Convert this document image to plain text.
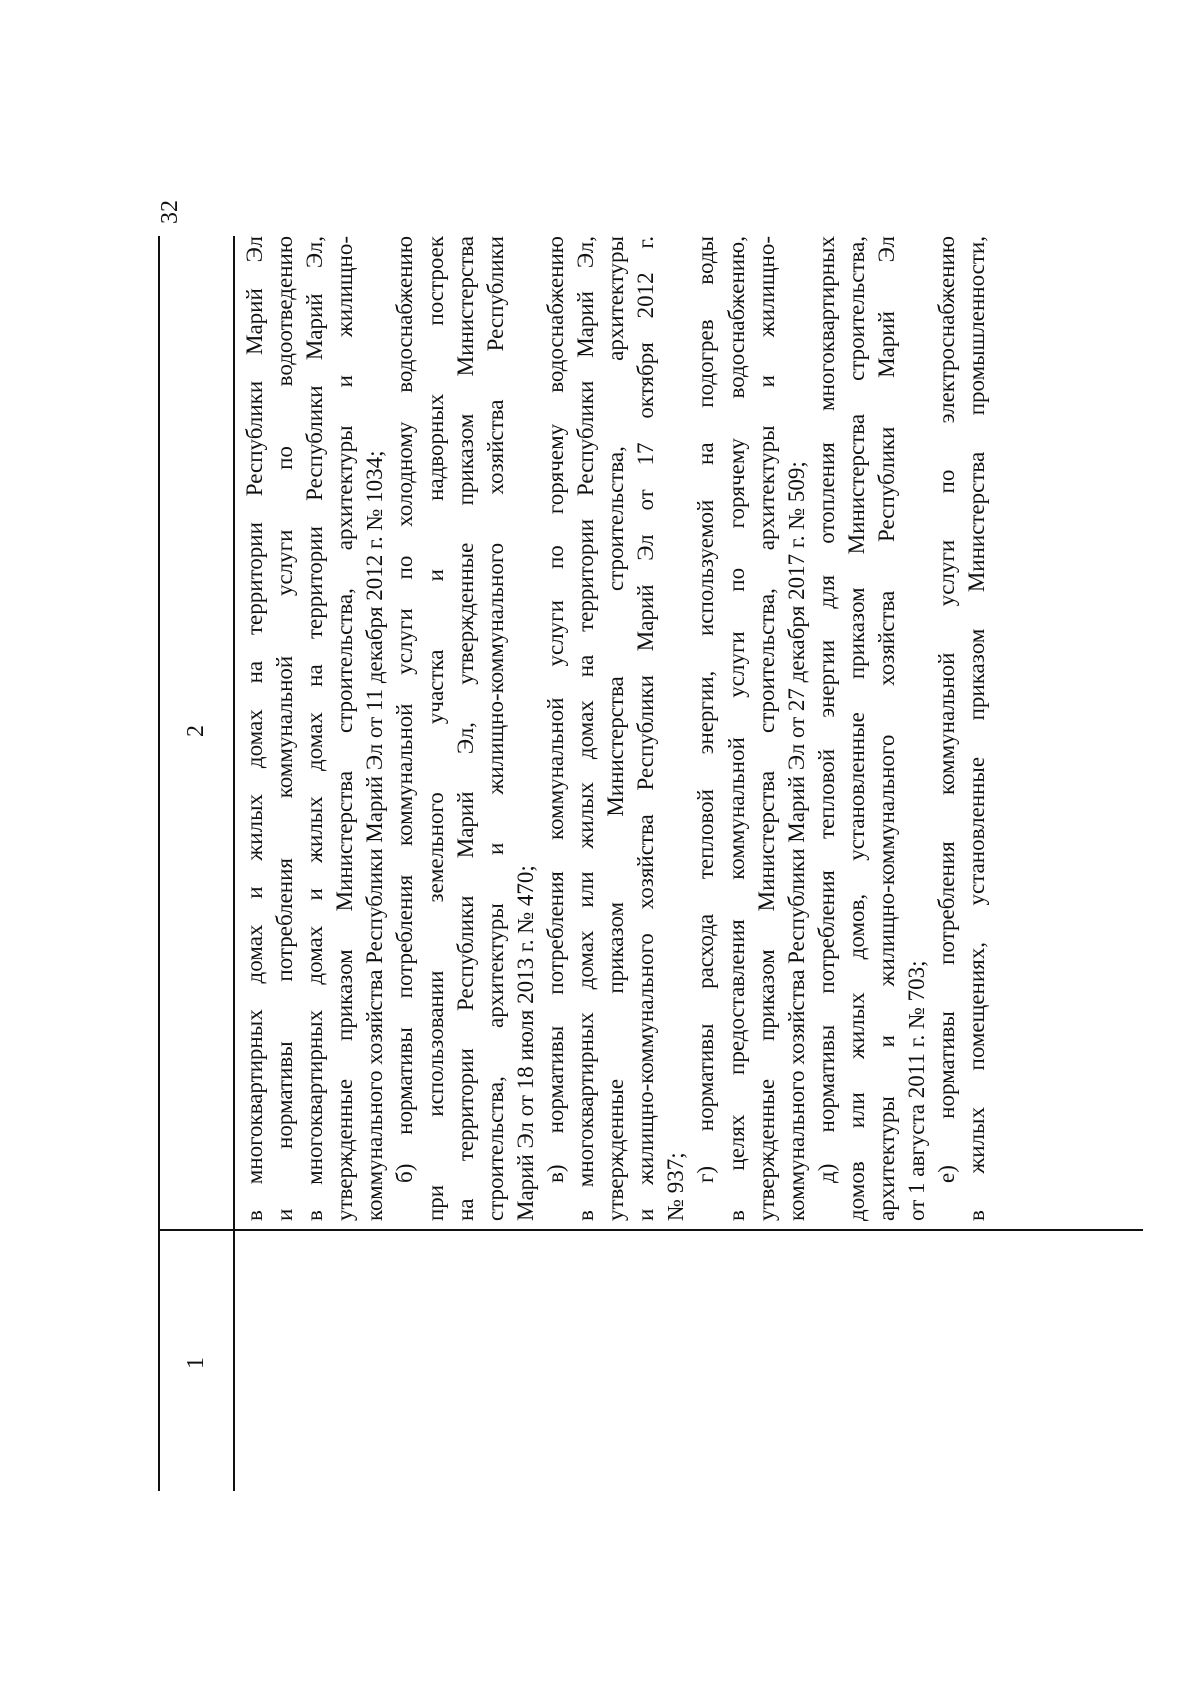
32
1
2 в многоквартирных домах и жилых домах на территории Республики Марий Эл и нормативы потребления коммунальной услуги по водоотведению в многоквартирных домах и жилых домах на территории Республики Марий Эл, утвержденные приказом Министерства строительства, архитектуры и жилищно- коммунального хозяйства Республики Марий Эл от 11 декабря 2012 г. № 1034; б) нормативы потребления коммунальной услуги по холодному водоснабжению при использовании земельного участка и надворных построек на территории Республики Марий Эл, утвержденные приказом Министерства строительства, архитектуры и жилищно-коммунального хозяйства Республики Марий Эл от 18 июля 2013 г. № 470; в) нормативы потребления коммунальной услуги по горячему водоснабжению в многоквартирных домах или жилых домах на территории Республики Марий Эл, утвержденные приказом Министерства строительства, архитектуры и жилищно-коммунального хозяйства Республики Марий Эл от 17 октября 2012 г. № 937;
г) нормативы расхода тепловой энергии, используемой на подогрев воды в целях предоставления коммунальной услуги по горячему водоснабжению, утвержденные приказом Министерства строительства, архитектуры и жилищно- коммунального хозяйства Республики Марий Эл от 27 декабря 2017 г. № 509; д) нормативы потребления тепловой энергии для отопления многоквартирных домов или жилых домов, установленные приказом Министерства строительства, архитектуры и жилищно-коммунального хозяйства Республики Марий Эл от 1 августа 2011 г. № 703; е) нормативы потребления коммунальной услуги по электроснабжению в жилых помещениях, установленные приказом Министерства промышленности,
